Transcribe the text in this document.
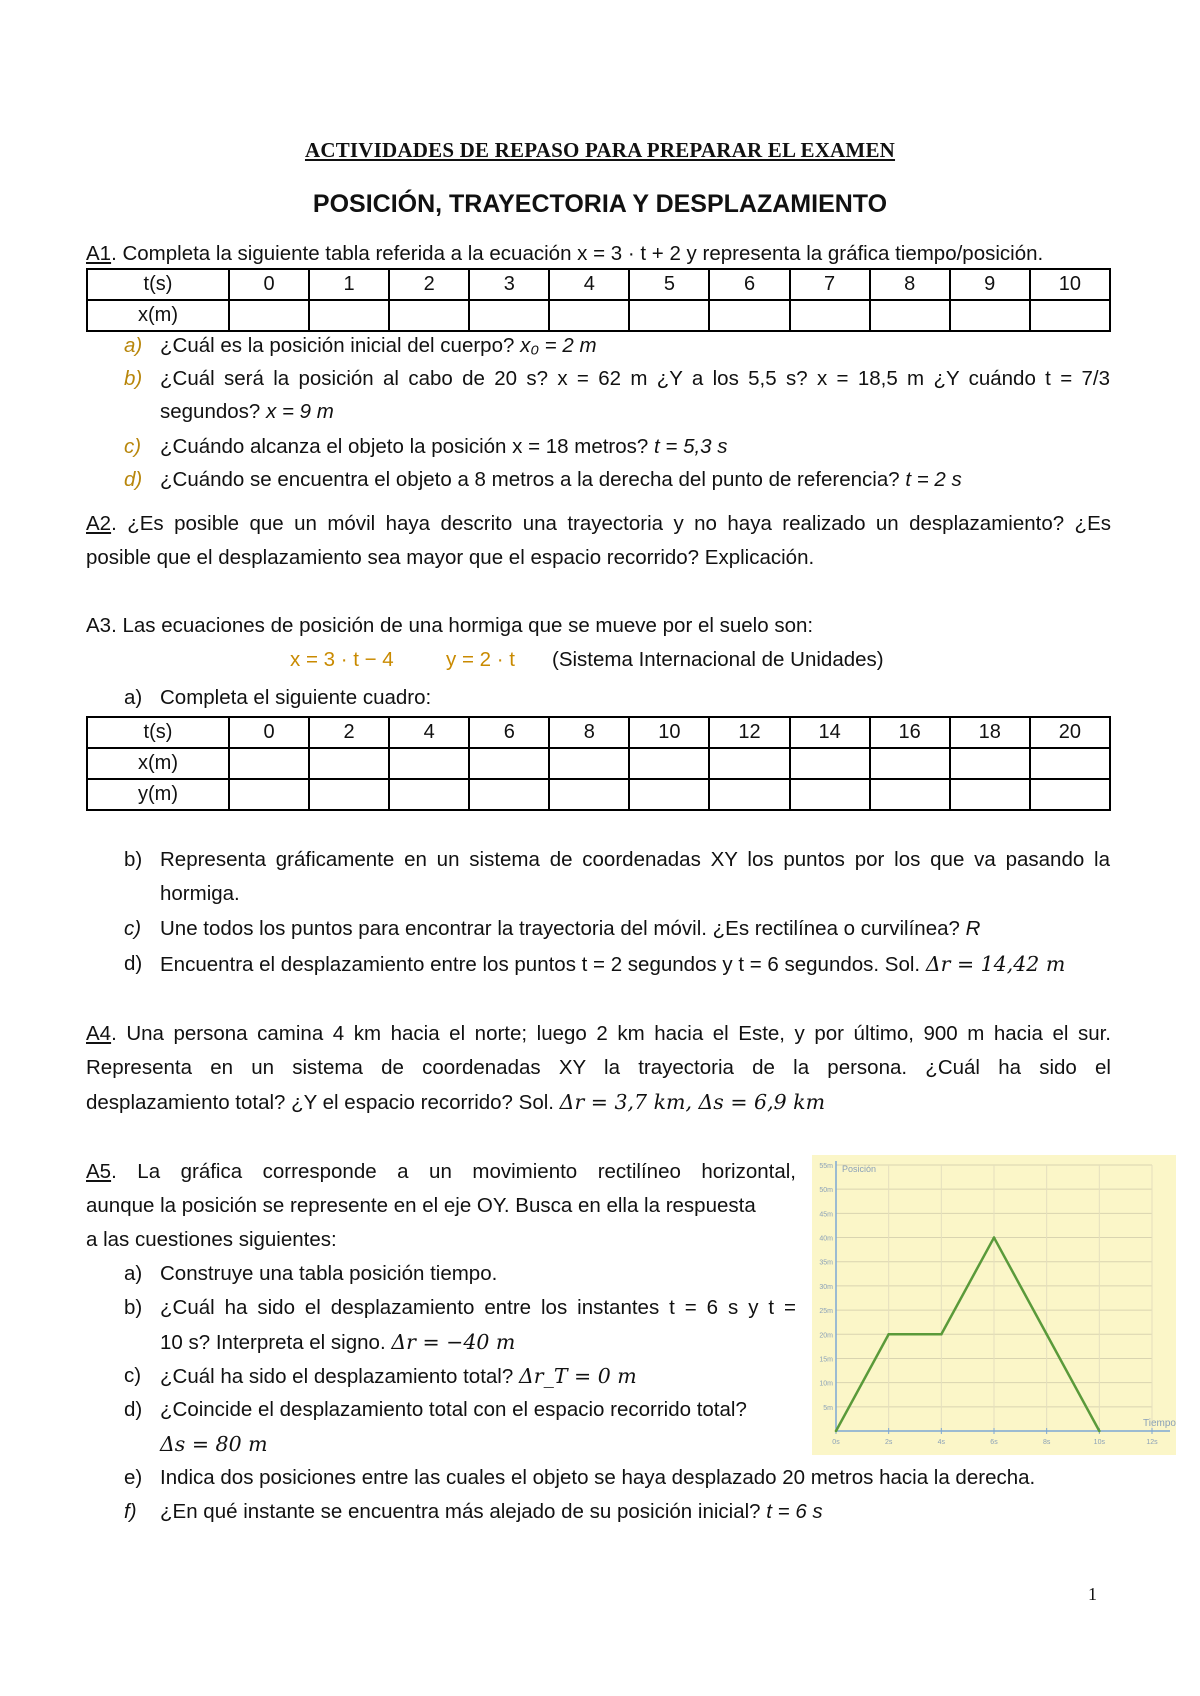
ACTIVIDADES DE REPASO PARA PREPARAR EL EXAMEN
POSICIÓN, TRAYECTORIA Y DESPLAZAMIENTO
A1. Completa la siguiente tabla referida a la ecuación x = 3 · t + 2 y representa la gráfica tiempo/posición.
t(s)	0	1	2	3	4	5	6	7	8	9	10
x(m)											
a) ¿Cuál es la posición inicial del cuerpo? x₀ = 2 m
b) ¿Cuál será la posición al cabo de 20 s? x = 62 m ¿Y a los 5,5 s? x = 18,5 m ¿Y cuándo t = 7/3
segundos? x = 9 m
c) ¿Cuándo alcanza el objeto la posición x = 18 metros? t = 5,3 s
d) ¿Cuándo se encuentra el objeto a 8 metros a la derecha del punto de referencia? t = 2 s
A2. ¿Es posible que un móvil haya descrito una trayectoria y no haya realizado un desplazamiento? ¿Es
posible que el desplazamiento sea mayor que el espacio recorrido? Explicación.
A3. Las ecuaciones de posición de una hormiga que se mueve por el suelo son:
x = 3 · t − 4	y = 2 · t (Sistema Internacional de Unidades)
a) Completa el siguiente cuadro:
t(s)	0	2	4	6	8	10	12	14	16	18	20
x(m)											
y(m)											
b) Representa gráficamente en un sistema de coordenadas XY los puntos por los que va pasando la
hormiga.
c) Une todos los puntos para encontrar la trayectoria del móvil. ¿Es rectilínea o curvilínea? R
d) Encuentra el desplazamiento entre los puntos t = 2 segundos y t = 6 segundos. Sol. Δr = 14,42 m
A4. Una persona camina 4 km hacia el norte; luego 2 km hacia el Este, y por último, 900 m hacia el sur.
Representa en un sistema de coordenadas XY la trayectoria de la persona. ¿Cuál ha sido el
desplazamiento total? ¿Y el espacio recorrido? Sol. Δr = 3,7 km, Δs = 6,9 km
A5. La gráfica corresponde a un movimiento rectilíneo horizontal,
aunque la posición se represente en el eje OY. Busca en ella la respuesta
a las cuestiones siguientes:
a) Construye una tabla posición tiempo.
b) ¿Cuál ha sido el desplazamiento entre los instantes t = 6 s y t =
10 s? Interpreta el signo. Δr = −40 m
c) ¿Cuál ha sido el desplazamiento total? Δr_T = 0 m
d) ¿Coincide el desplazamiento total con el espacio recorrido total?
Δs = 80 m
e) Indica dos posiciones entre las cuales el objeto se haya desplazado 20 metros hacia la derecha.
f) ¿En qué instante se encuentra más alejado de su posición inicial? t = 6 s
5m
10m
15m
20m
25m
30m
35m
40m
45m
50m
55m
0s	2s	4s	6s	8s	10s	12s
Posición
Tiempo
1
